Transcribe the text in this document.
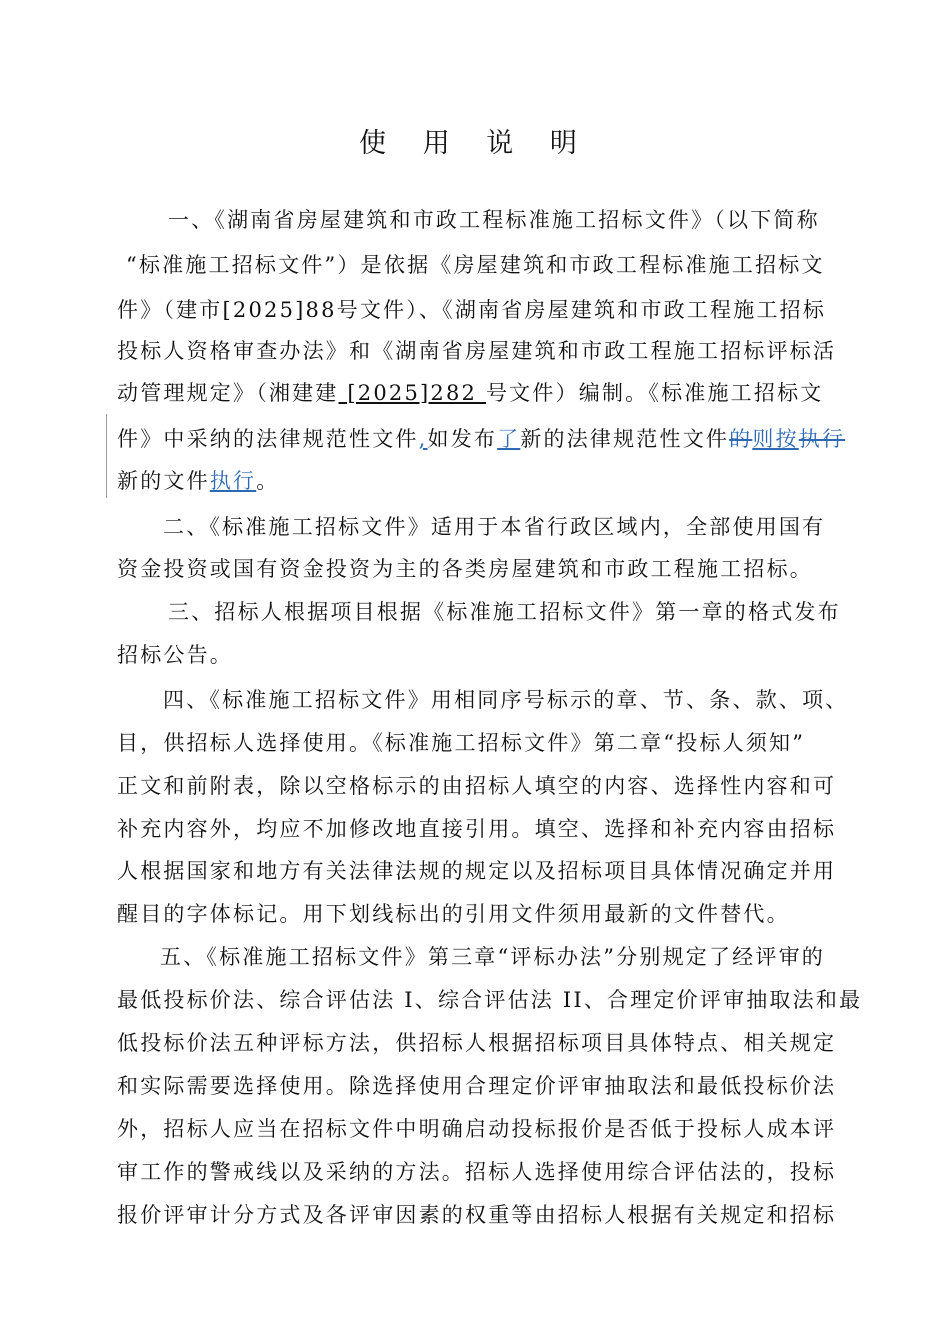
使 用 说 明
一、《湖南省房屋建筑和市政工程标准施工招标文件》（以下简称
“标准施工招标文件”）是依据《房屋建筑和市政工程标准施工招标文
件》（建市[2025]88号文件）、《湖南省房屋建筑和市政工程施工招标
投标人资格审查办法》和《湖南省房屋建筑和市政工程施工招标评标活
动管理规定》（湘建建 [2025]282 号文件）编制。《标准施工招标文
件》中采纳的法律规范性文件,如发布了新的法律规范性文件的则按执行
新的文件执行。
二、《标准施工招标文件》适用于本省行政区域内，全部使用国有
资金投资或国有资金投资为主的各类房屋建筑和市政工程施工招标。
三、招标人根据项目根据《标准施工招标文件》第一章的格式发布
招标公告。
四、《标准施工招标文件》用相同序号标示的章、节、条、款、项、
目，供招标人选择使用。《标准施工招标文件》第二章“投标人须知”
正文和前附表，除以空格标示的由招标人填空的内容、选择性内容和可
补充内容外，均应不加修改地直接引用。填空、选择和补充内容由招标
人根据国家和地方有关法律法规的规定以及招标项目具体情况确定并用
醒目的字体标记。用下划线标出的引用文件须用最新的文件替代。
五、《标准施工招标文件》第三章“评标办法”分别规定了经评审的
最低投标价法、综合评估法 I、综合评估法 II、合理定价评审抽取法和最
低投标价法五种评标方法，供招标人根据招标项目具体特点、相关规定
和实际需要选择使用。除选择使用合理定价评审抽取法和最低投标价法
外，招标人应当在招标文件中明确启动投标报价是否低于投标人成本评
审工作的警戒线以及采纳的方法。招标人选择使用综合评估法的，投标
报价评审计分方式及各评审因素的权重等由招标人根据有关规定和招标
